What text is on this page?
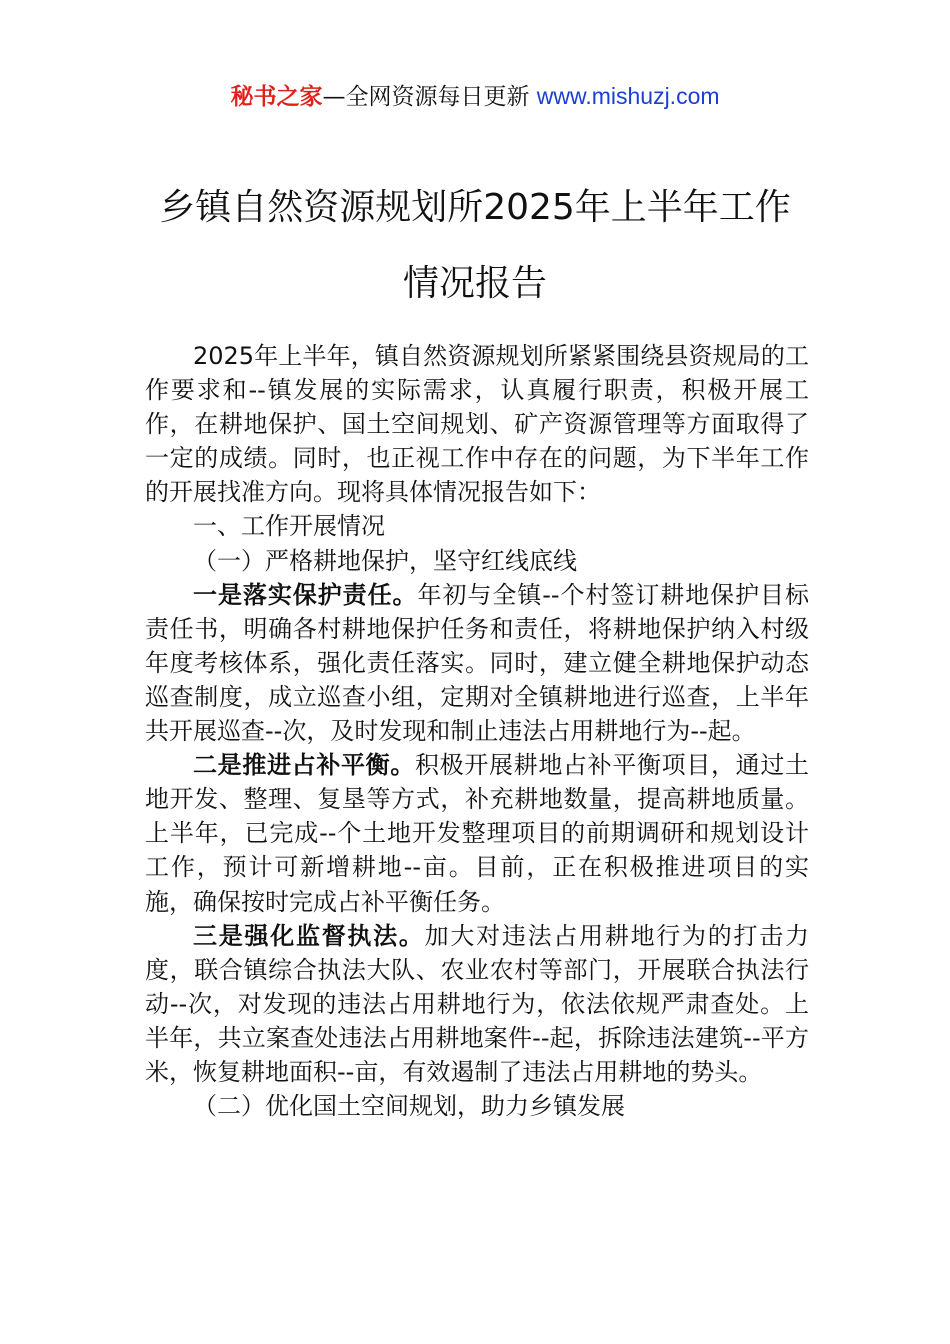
秘书之家—全网资源每日更新 www.mishuzj.com
乡镇自然资源规划所2025年上半年工作
情况报告

2025年上半年，镇自然资源规划所紧紧围绕县资规局的工作要求和--镇发展的实际需求，认真履行职责，积极开展工作，在耕地保护、国土空间规划、矿产资源管理等方面取得了一定的成绩。同时，也正视工作中存在的问题，为下半年工作的开展找准方向。现将具体情况报告如下：

一、工作开展情况

（一）严格耕地保护，坚守红线底线

一是落实保护责任。年初与全镇--个村签订耕地保护目标责任书，明确各村耕地保护任务和责任，将耕地保护纳入村级年度考核体系，强化责任落实。同时，建立健全耕地保护动态巡查制度，成立巡查小组，定期对全镇耕地进行巡查，上半年共开展巡查--次，及时发现和制止违法占用耕地行为--起。

二是推进占补平衡。积极开展耕地占补平衡项目，通过土地开发、整理、复垦等方式，补充耕地数量，提高耕地质量。上半年，已完成--个土地开发整理项目的前期调研和规划设计工作，预计可新增耕地--亩。目前，正在积极推进项目的实施，确保按时完成占补平衡任务。

三是强化监督执法。加大对违法占用耕地行为的打击力度，联合镇综合执法大队、农业农村等部门，开展联合执法行动--次，对发现的违法占用耕地行为，依法依规严肃查处。上半年，共立案查处违法占用耕地案件--起，拆除违法建筑--平方米，恢复耕地面积--亩，有效遏制了违法占用耕地的势头。

（二）优化国土空间规划，助力乡镇发展
